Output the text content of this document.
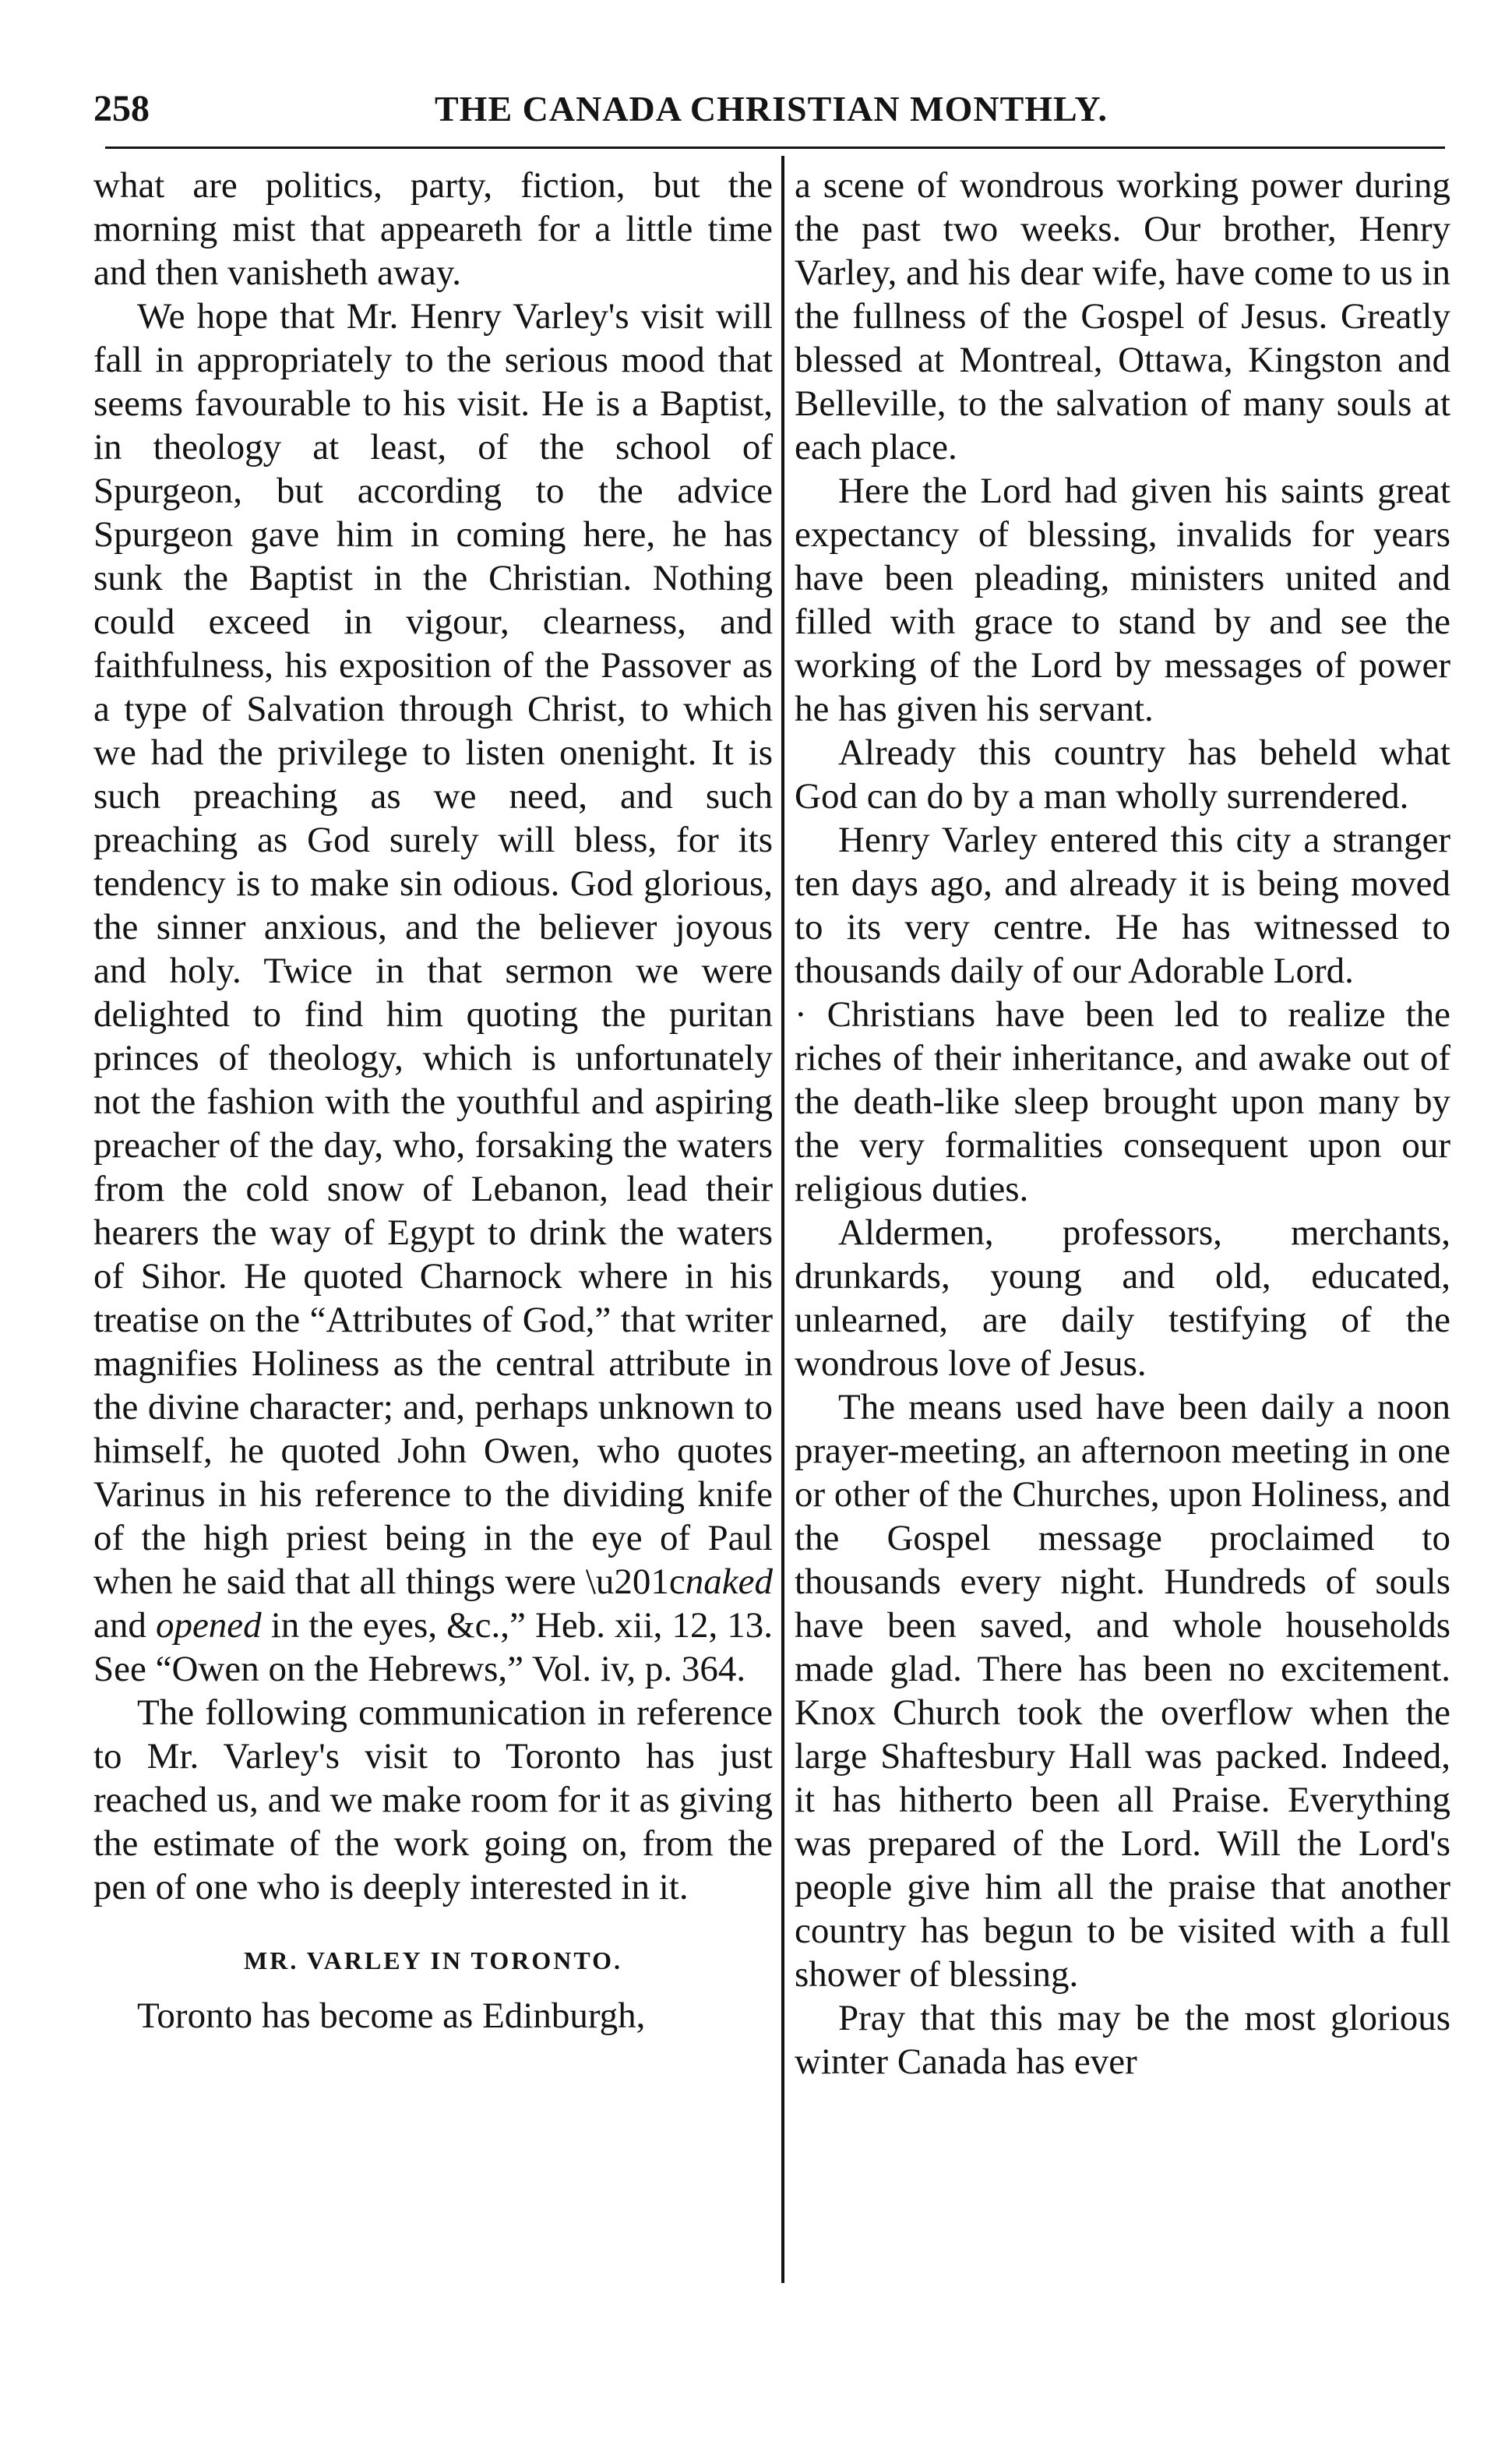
258	THE CANADA CHRISTIAN MONTHLY.

what are politics, party, fiction, but the morning mist that appeareth for a little time and then vanisheth away.

We hope that Mr. Henry Varley's visit will fall in appropriately to the serious mood that seems favourable to his visit. He is a Baptist, in theology at least, of the school of Spurgeon, but according to the advice Spurgeon gave him in coming here, he has sunk the Baptist in the Christian. Nothing could exceed in vigour, clearness, and faithfulness, his exposition of the Passover as a type of Salvation through Christ, to which we had the privilege to listen onenight. It is such preaching as we need, and such preaching as God surely will bless, for its tendency is to make sin odious. God glorious, the sinner anxious, and the believer joyous and holy. Twice in that sermon we were delighted to find him quoting the puritan princes of theology, which is unfortunately not the fashion with the youthful and aspiring preacher of the day, who, forsaking the waters from the cold snow of Lebanon, lead their hearers the way of Egypt to drink the waters of Sihor. He quoted Charnock where in his treatise on the “Attributes of God,” that writer magnifies Holiness as the central attribute in the divine character; and, perhaps unknown to himself, he quoted John Owen, who quotes Varinus in his reference to the dividing knife of the high priest being in the eye of Paul when he said that all things were \u201cnaked and opened in the eyes, &c.,” Heb. xii, 12, 13. See “Owen on the Hebrews,” Vol. iv, p. 364.

The following communication in reference to Mr. Varley's visit to Toronto has just reached us, and we make room for it as giving the estimate of the work going on, from the pen of one who is deeply interested in it.

MR. VARLEY IN TORONTO.

Toronto has become as Edinburgh,

a scene of wondrous working power during the past two weeks. Our brother, Henry Varley, and his dear wife, have come to us in the fullness of the Gospel of Jesus. Greatly blessed at Montreal, Ottawa, Kingston and Belleville, to the salvation of many souls at each place.

Here the Lord had given his saints great expectancy of blessing, invalids for years have been pleading, ministers united and filled with grace to stand by and see the working of the Lord by messages of power he has given his servant.

Already this country has beheld what God can do by a man wholly surrendered.

Henry Varley entered this city a stranger ten days ago, and already it is being moved to its very centre. He has witnessed to thousands daily of our Adorable Lord.

· Christians have been led to realize the riches of their inheritance, and awake out of the death-like sleep brought upon many by the very formalities consequent upon our religious duties.

Aldermen, professors, merchants, drunkards, young and old, educated, unlearned, are daily testifying of the wondrous love of Jesus.

The means used have been daily a noon prayer-meeting, an afternoon meeting in one or other of the Churches, upon Holiness, and the Gospel message proclaimed to thousands every night. Hundreds of souls have been saved, and whole households made glad. There has been no excitement. Knox Church took the overflow when the large Shaftesbury Hall was packed. Indeed, it has hitherto been all Praise. Everything was prepared of the Lord. Will the Lord's people give him all the praise that another country has begun to be visited with a full shower of blessing.

Pray that this may be the most glorious winter Canada has ever
